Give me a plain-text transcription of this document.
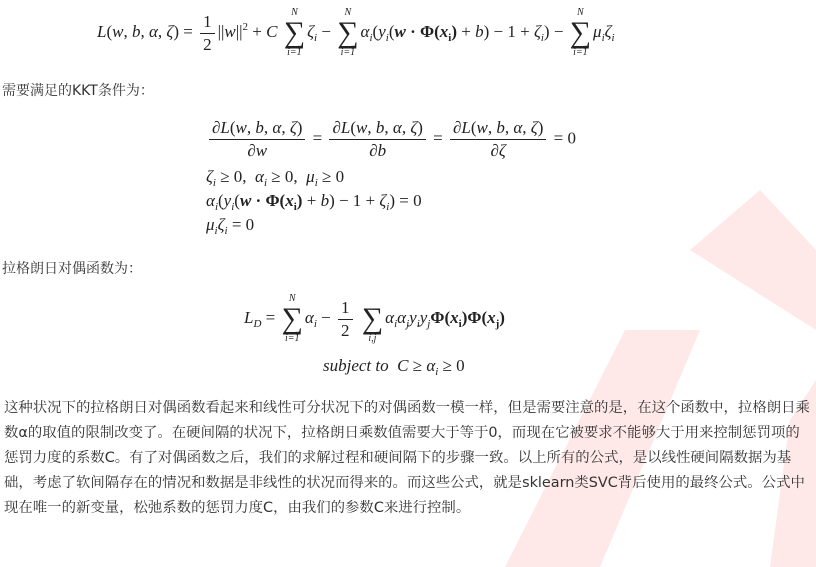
L(w, b, α, $\zeta) = \frac{1}{2} ||w||^2 + C$
N
∑
i=1
$\zeta_i$ −
N
∑
i=1
$\alpha_i(y_i(w \cdot \Phi(x_i) + b) - 1 + \zeta_i)$ −
N
∑
i=1
$\mu_i\zeta_i$
需要满足的KKT条件为：
$\frac{\partial L(w, b, \alpha, \zeta)}{\partial w} = \frac{\partial L(w, b, \alpha, \zeta)}{\partial b} = \frac{\partial L(w, b, \alpha, \zeta)}{\partial\zeta} = 0$
$\zeta_i \ge 0$,  $\alpha_i \ge 0$,  $\mu_i \ge 0$
$\alpha_i(y_i(w \cdot \Phi(x_i) + b) - 1 + \zeta_i) = 0$
$\mu_i\zeta_i = 0$
拉格朗日对偶函数为：
$L_D$ =
N
∑
i=1
$\alpha_i - \frac{1}{2}$

∑
i,j
$\alpha_i\alpha_jy_iy_j\Phi(x_i)\Phi(x_j)$
subject to $C \ge \alpha_i \ge 0$
这种状况下的拉格朗日对偶函数看起来和线性可分状况下的对偶函数一模一样，但是需要注意的是，在这个函数中，拉格朗日乘数α的取值的限制改变了。在硬间隔的状况下，拉格朗日乘数值需要大于等于0，而现在它被要求不能够大于用来控制惩罚项的惩罚力度的系数C。有了对偶函数之后，我们的求解过程和硬间隔下的步骤一致。以上所有的公式，是以线性硬间隔数据为基础，考虑了软间隔存在的情况和数据是非线性的状况而得来的。而这些公式，就是sklearn类SVC背后使用的最终公式。公式中现在唯一的新变量，松弛系数的惩罚力度C，由我们的参数C来进行控制。
